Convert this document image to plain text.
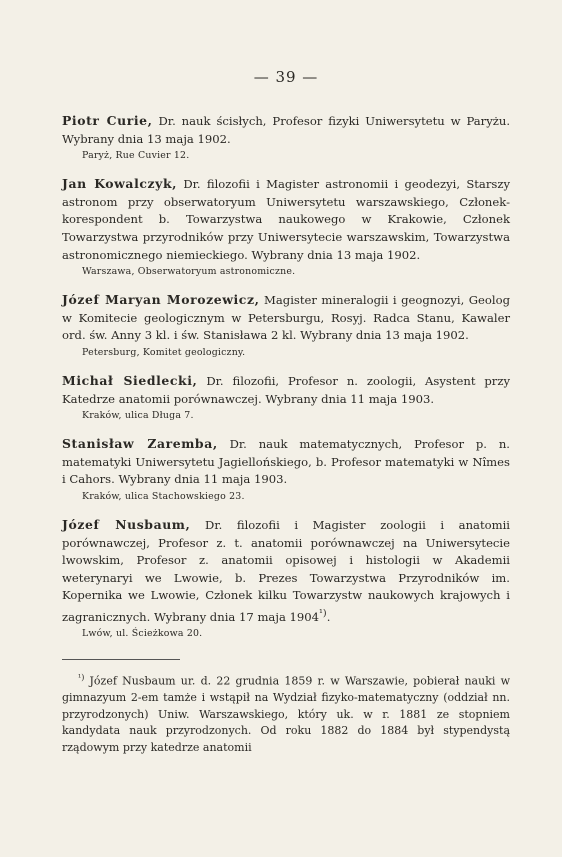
— 39 —

Piotr Curie, Dr. nauk ścisłych, Profesor fizyki Uniwersytetu w Paryżu. Wybrany dnia 13 maja 1902.

Paryż, Rue Cuvier 12.

Jan Kowalczyk, Dr. filozofii i Magister astronomii i geodezyi, Starszy astronom przy obserwatoryum Uniwersytetu warszawskiego, Członek-korespondent b. Towarzystwa naukowego w Krakowie, Członek Towarzystwa przyrodników przy Uniwersytecie warszawskim, Towarzystwa astronomicznego niemieckiego. Wybrany dnia 13 maja 1902.

Warszawa, Obserwatoryum astronomiczne.

Józef Maryan Morozewicz, Magister mineralogii i geognozyi, Geolog w Komitecie geologicznym w Petersburgu, Rosyj. Radca Stanu, Kawaler ord. św. Anny 3 kl. i św. Stanisława 2 kl. Wybrany dnia 13 maja 1902.

Petersburg, Komitet geologiczny.

Michał Siedlecki, Dr. filozofii, Profesor n. zoologii, Asystent przy Katedrze anatomii porównawczej. Wybrany dnia 11 maja 1903.

Kraków, ulica Długa 7.

Stanisław Zaremba, Dr. nauk matematycznych, Profesor p. n. matematyki Uniwersytetu Jagiellońskiego, b. Profesor matematyki w Nîmes i Cahors. Wybrany dnia 11 maja 1903.

Kraków, ulica Stachowskiego 23.

Józef Nusbaum, Dr. filozofii i Magister zoologii i anatomii porównawczej, Profesor z. t. anatomii porównawczej na Uniwersytecie lwowskim, Profesor z. anatomii opisowej i histologii w Akademii weterynaryi we Lwowie, b. Prezes Towarzystwa Przyrodników im. Kopernika we Lwowie, Członek kilku Towarzystw naukowych krajowych i zagranicznych. Wybrany dnia 17 maja $1904^{^1)}$.

Lwów, ul. Ścieżkowa 20.

$^{^1)}$ Józef Nusbaum ur. d. 22 grudnia 1859 r. w Warszawie, pobierał nauki w gimnazyum 2-em tamże i wstąpił na Wydział fizyko-matematyczny (oddział nn. przyrodzonych) Uniw. Warszawskiego, który uk. w r. 1881 ze stopniem kandydata nauk przyrodzonych. Od roku 1882 do 1884 był stypendystą rządowym przy katedrze anatomii
